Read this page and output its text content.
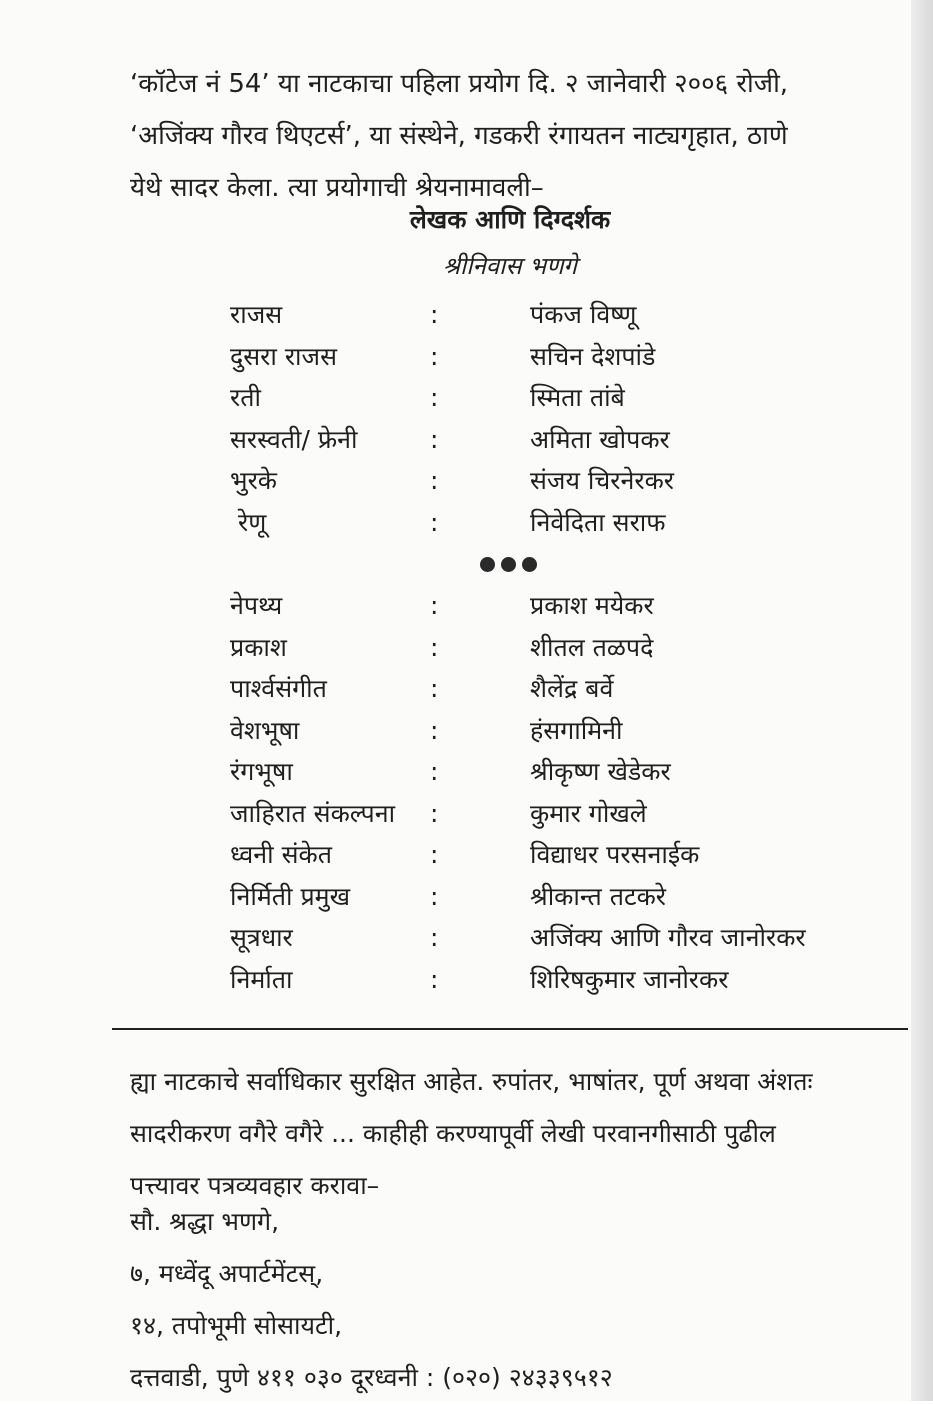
‘कॉटेज नं 54’ या नाटकाचा पहिला प्रयोग दि. २ जानेवारी २००६ रोजी,

‘अजिंक्य गौरव थिएटर्स’, या संस्थेने, गडकरी रंगायतन नाट्यगृहात, ठाणे

येथे सादर केला. त्या प्रयोगाची श्रेयनामावली–

लेखक आणि दिग्दर्शक

श्रीनिवास भणगे

राजस	:	पंकज विष्णू
दुसरा राजस	:	सचिन देशपांडे
रती	:	स्मिता तांबे
सरस्वती/ फ्रेनी	:	अमिता खोपकर
भुरके	:	संजय चिरनेरकर
रेणू	:	निवेदिता सराफ
नेपथ्य	:	प्रकाश मयेकर
प्रकाश	:	शीतल तळपदे
पार्श्वसंगीत	:	शैलेंद्र बर्वे
वेशभूषा	:	हंसगामिनी
रंगभूषा	:	श्रीकृष्ण खेडेकर
जाहिरात संकल्पना :	कुमार गोखले
ध्वनी संकेत	:	विद्याधर परसनाईक
निर्मिती प्रमुख	:	श्रीकान्त तटकरे
सूत्रधार	:	अजिंक्य आणि गौरव जानोरकर
निर्माता	:	शिरिषकुमार जानोरकर

ह्या नाटकाचे सर्वाधिकार सुरक्षित आहेत. रुपांतर, भाषांतर, पूर्ण अथवा अंशतः

सादरीकरण वगैरे वगैरे ... काहीही करण्यापूर्वी लेखी परवानगीसाठी पुढील

पत्त्यावर पत्रव्यवहार करावा–

सौ. श्रद्धा भणगे,

७, मध्वेंदू अपार्टमेंटस्,

१४, तपोभूमी सोसायटी,

दत्तवाडी, पुणे ४११ ०३० दूरध्वनी : (०२०) २४३३९५१२
